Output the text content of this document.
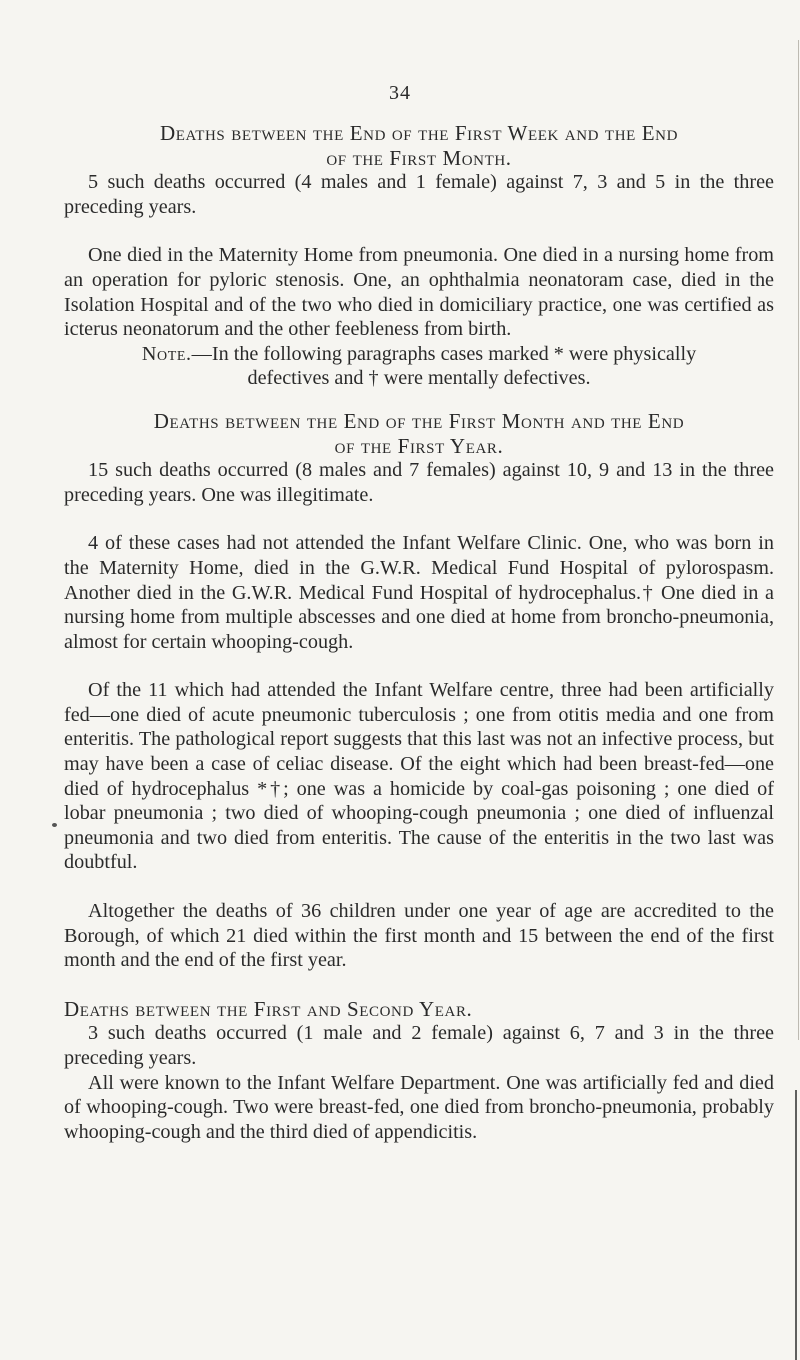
34
Deaths between the End of the First Week and the End
of the First Month.

5 such deaths occurred (4 males and 1 female) against 7, 3 and 5 in the three preceding years.

One died in the Maternity Home from pneumonia. One died in a nursing home from an operation for pyloric stenosis. One, an ophthalmia neonatoram case, died in the Isolation Hospital and of the two who died in domiciliary practice, one was certified as icterus neonatorum and the other feebleness from birth.

Note.—In the following paragraphs cases marked * were physically
defectives and † were mentally defectives.
Deaths between the End of the First Month and the End
of the First Year.

15 such deaths occurred (8 males and 7 females) against 10, 9 and 13 in the three preceding years. One was illegitimate.

4 of these cases had not attended the Infant Welfare Clinic. One, who was born in the Maternity Home, died in the G.W.R. Medical Fund Hospital of pylorospasm. Another died in the G.W.R. Medical Fund Hospital of hydrocephalus.† One died in a nursing home from multiple abscesses and one died at home from broncho-pneumonia, almost for certain whooping-cough.

Of the 11 which had attended the Infant Welfare centre, three had been artificially fed—one died of acute pneumonic tuberculosis ; one from otitis media and one from enteritis. The pathological report suggests that this last was not an infective process, but may have been a case of celiac disease. Of the eight which had been breast-fed—one died of hydrocephalus *†; one was a homicide by coal-gas poisoning ; one died of lobar pneumonia ; two died of whooping-cough pneumonia ; one died of influenzal pneumonia and two died from enteritis. The cause of the enteritis in the two last was doubtful.

Altogether the deaths of 36 children under one year of age are accredited to the Borough, of which 21 died within the first month and 15 between the end of the first month and the end of the first year.

Deaths between the First and Second Year.

3 such deaths occurred (1 male and 2 female) against 6, 7 and 3 in the three preceding years.

All were known to the Infant Welfare Department. One was artificially fed and died of whooping-cough. Two were breast-fed, one died from broncho-pneumonia, probably whooping-cough and the third died of appendicitis.
